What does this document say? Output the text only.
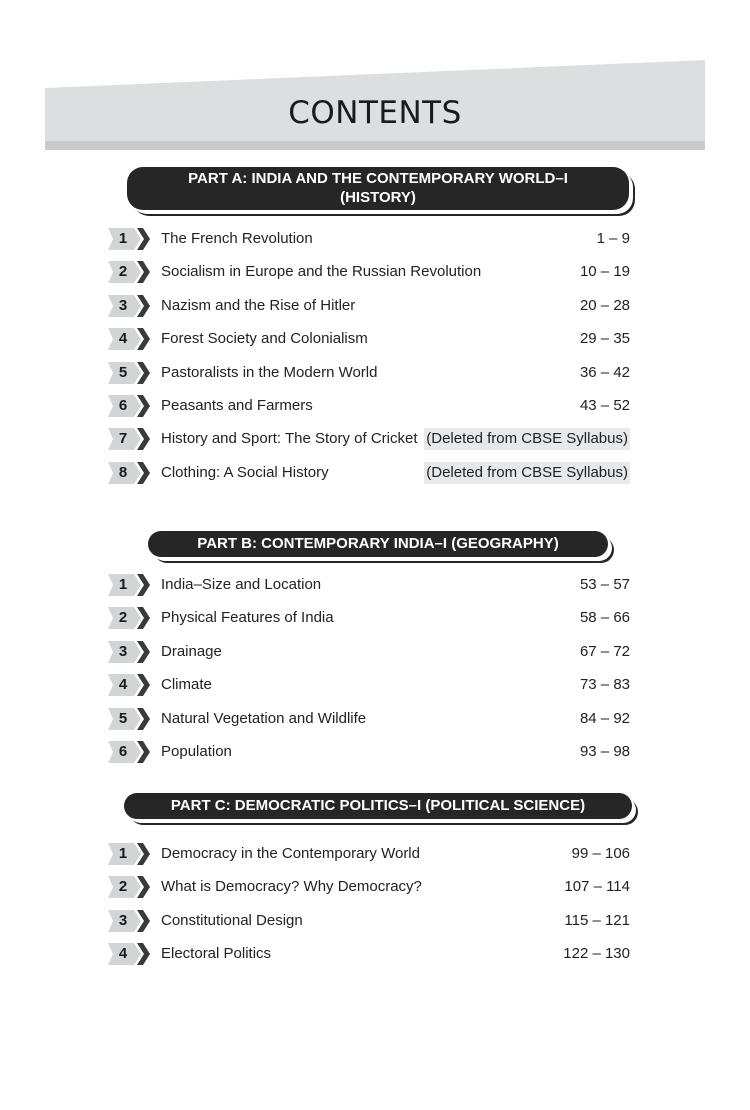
CONTENTS
PART A: INDIA AND THE CONTEMPORARY WORLD–I
(HISTORY)
1	The French Revolution	1 – 9
2	Socialism in Europe and the Russian Revolution	10 – 19
3	Nazism and the Rise of Hitler	20 – 28
4	Forest Society and Colonialism	29 – 35
5	Pastoralists in the Modern World	36 – 42
6	Peasants and Farmers	43 – 52
7	History and Sport: The Story of Cricket (Deleted from CBSE Syllabus)
8	Clothing: A Social History	(Deleted from CBSE Syllabus)
PART B: CONTEMPORARY INDIA–I (GEOGRAPHY)
1	India–Size and Location	53 – 57
2	Physical Features of India	58 – 66
3	Drainage	67 – 72
4	Climate	73 – 83
5	Natural Vegetation and Wildlife	84 – 92
6	Population	93 – 98
PART C: DEMOCRATIC POLITICS–I (POLITICAL SCIENCE)
1	Democracy in the Contemporary World	99 – 106
2	What is Democracy? Why Democracy?	107 – 114
3	Constitutional Design	115 – 121
4	Electoral Politics	122 – 130
